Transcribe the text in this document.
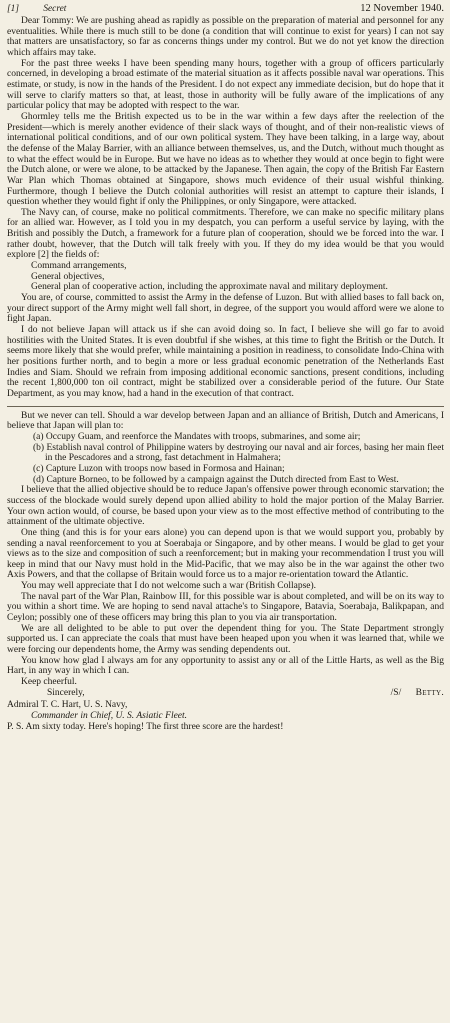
[1]	Secret	12 November 1940.

Dear Tommy: We are pushing ahead as rapidly as possible on the preparation of material and personnel for any eventualities. While there is much still to be done (a condition that will continue to exist for years) I can not say that matters are unsatisfactory, so far as concerns things under my control. But we do not yet know the direction which affairs may take.

For the past three weeks I have been spending many hours, together with a group of officers particularly concerned, in developing a broad estimate of the material situation as it affects possible naval war operations. This estimate, or study, is now in the hands of the President. I do not expect any immediate decision, but do hope that it will serve to clarify matters so that, at least, those in authority will be fully aware of the implications of any particular policy that may be adopted with respect to the war.

Ghormley tells me the British expected us to be in the war within a few days after the reelection of the President—which is merely another evidence of their slack ways of thought, and of their non-realistic views of international political conditions, and of our own political system. They have been talking, in a large way, about the defense of the Malay Barrier, with an alliance between themselves, us, and the Dutch, without much thought as to what the effect would be in Europe. But we have no ideas as to whether they would at once begin to fight were the Dutch alone, or were we alone, to be attacked by the Japanese. Then again, the copy of the British Far Eastern War Plan which Thomas obtained at Singapore, shows much evidence of their usual wishful thinking. Furthermore, though I believe the Dutch colonial authorities will resist an attempt to capture their islands, I question whether they would fight if only the Philippines, or only Singapore, were attacked.

The Navy can, of course, make no political commitments. Therefore, we can make no specific military plans for an allied war. However, as I told you in my despatch, you can perform a useful service by laying, with the British and possibly the Dutch, a framework for a future plan of cooperation, should we be forced into the war. I rather doubt, however, that the Dutch will talk freely with you. If they do my idea would be that you would explore [2] the fields of:

Command arrangements,
General objectives,
General plan of cooperative action, including the approximate naval and military deployment.

You are, of course, committed to assist the Army in the defense of Luzon. But with allied bases to fall back on, your direct support of the Army might well fall short, in degree, of the support you would afford were we alone to fight Japan.

I do not believe Japan will attack us if she can avoid doing so. In fact, I believe she will go far to avoid hostilities with the United States. It is even doubtful if she wishes, at this time to fight the British or the Dutch. It seems more likely that she would prefer, while maintaining a position in readiness, to consolidate Indo-China with her positions further north, and to begin a more or less gradual economic penetration of the Netherlands East Indies and Siam. Should we refrain from imposing additional economic sanctions, present conditions, including the recent 1,800,000 ton oil contract, might be stabilized over a considerable period of the future. Our State Department, as you may know, had a hand in the execution of that contract.

But we never can tell. Should a war develop between Japan and an alliance of British, Dutch and Americans, I believe that Japan will plan to:

(a) Occupy Guam, and reenforce the Mandates with troops, submarines, and some air;
(b) Establish naval control of Philippine waters by destroying our naval and air forces, basing her main fleet in the Pescadores and a strong, fast detachment in Halmahera;
(c) Capture Luzon with troops now based in Formosa and Hainan;
(d) Capture Borneo, to be followed by a campaign against the Dutch directed from East to West.

I believe that the allied objective should be to reduce Japan's offensive power through economic starvation; the success of the blockade would surely depend upon allied ability to hold the major portion of the Malay Barrier. Your own action would, of course, be based upon your view as to the most effective method of contributing to the attainment of the ultimate objective.

One thing (and this is for your ears alone) you can depend upon is that we would support you, probably by sending a naval reenforcement to you at Soerabaja or Singapore, and by other means. I would be glad to get your views as to the size and composition of such a reenforcement; but in making your recommendation I trust you will keep in mind that our Navy must hold in the Mid-Pacific, that we may also be in the war against the other two Axis Powers, and that the collapse of Britain would force us to a major re-orientation toward the Atlantic.

You may well appreciate that I do not welcome such a war (British Collapse).

The naval part of the War Plan, Rainbow III, for this possible war is about completed, and will be on its way to you within a short time. We are hoping to send naval attache's to Singapore, Batavia, Soerabaja, Balikpapan, and Ceylon; possibly one of these officers may bring this plan to you via air transportation.

We are all delighted to be able to put over the dependent thing for you. The State Department strongly supported us. I can appreciate the coals that must have been heaped upon you when it was learned that, while we were forcing our dependents home, the Army was sending dependents out.

You know how glad I always am for any opportunity to assist any or all of the Little Harts, as well as the Big Hart, in any way in which I can.

Keep cheerful.

Sincerely,	/S/ Betty.
Admiral T. C. Hart, U. S. Navy,
Commander in Chief, U. S. Asiatic Fleet.

P. S. Am sixty today. Here's hoping! The first three score are the hardest!
